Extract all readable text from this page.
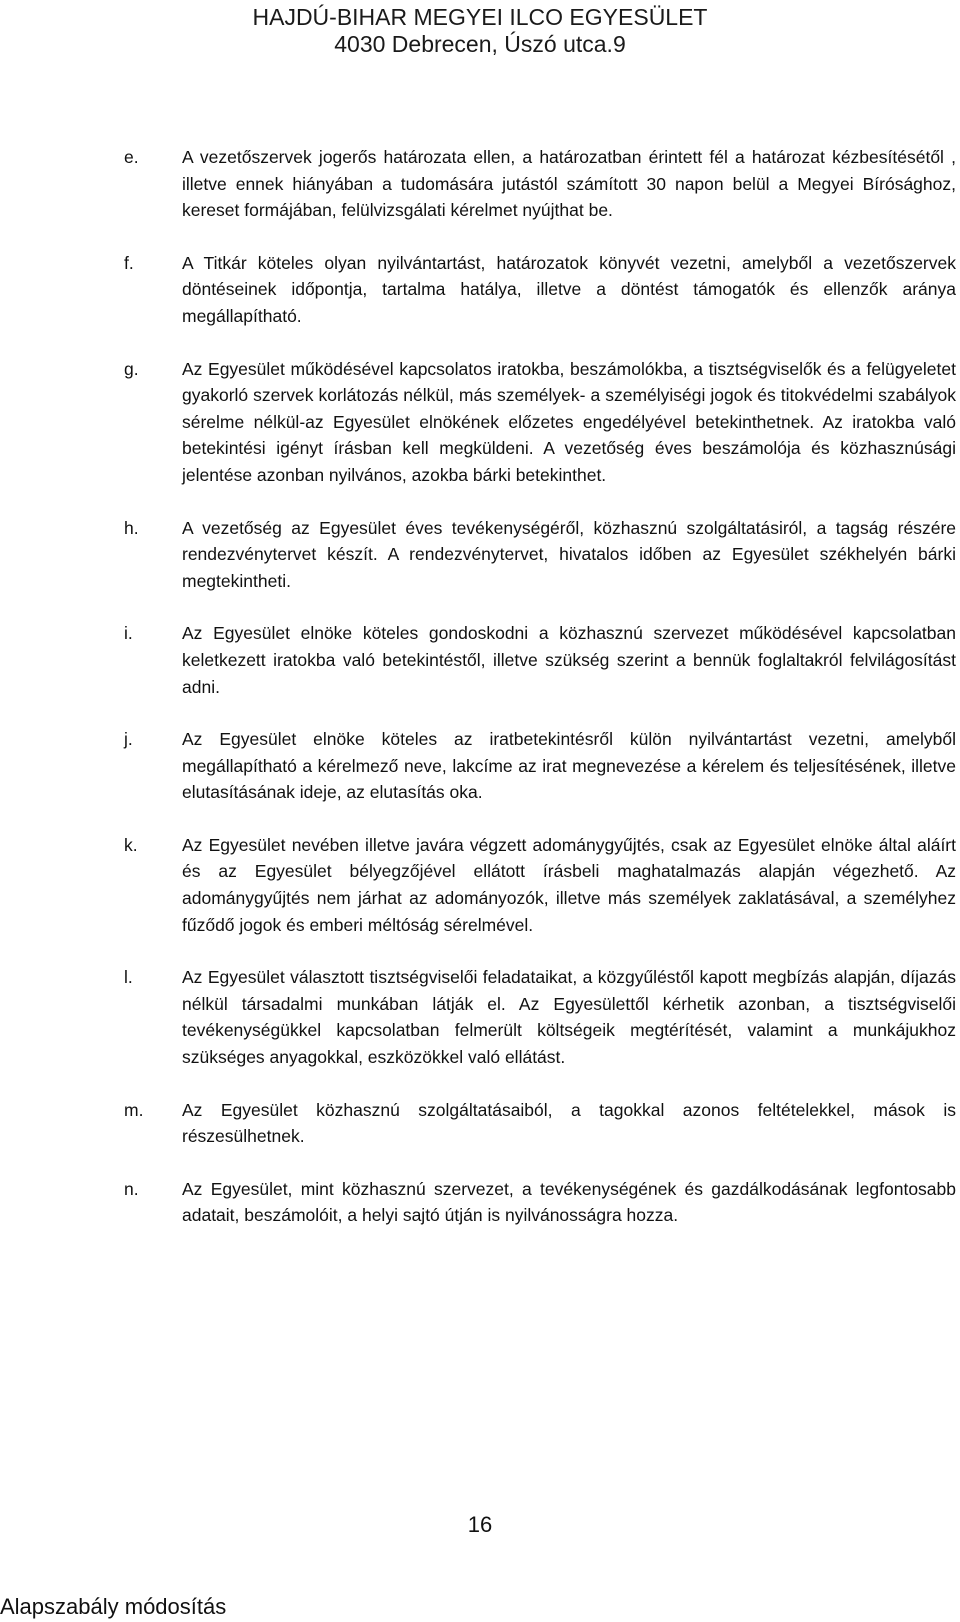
HAJDÚ-BIHAR MEGYEI ILCO EGYESÜLET
4030 Debrecen, Úszó utca.9
e.	A vezetőszervek jogerős határozata ellen, a határozatban érintett fél a határozat kézbesítésétől , illetve ennek hiányában a tudomására jutástól számított 30 napon belül a Megyei Bírósághoz, kereset formájában, felülvizsgálati kérelmet nyújthat be.
f.	A Titkár köteles olyan nyilvántartást, határozatok könyvét vezetni, amelyből a vezetőszervek döntéseinek időpontja, tartalma hatálya, illetve a döntést támogatók és ellenzők aránya megállapítható.
g.	Az Egyesület működésével kapcsolatos iratokba, beszámolókba, a tisztségviselők és a felügyeletet gyakorló szervek korlátozás nélkül, más személyek- a személyiségi jogok és titokvédelmi szabályok sérelme nélkül-az Egyesület elnökének előzetes engedélyével betekinthetnek. Az iratokba való betekintési igényt írásban kell megküldeni. A vezetőség éves beszámolója és közhasznúsági jelentése azonban nyilvános, azokba bárki betekinthet.
h.	A vezetőség az Egyesület éves tevékenységéről, közhasznú szolgáltatásiról, a tagság részére rendezvénytervet készít. A rendezvénytervet, hivatalos időben az Egyesület székhelyén bárki megtekintheti.
i.	Az Egyesület elnöke köteles gondoskodni a közhasznú szervezet működésével kapcsolatban keletkezett iratokba való betekintéstől, illetve szükség szerint a bennük foglaltakról felvilágosítást adni.
j.	Az Egyesület elnöke köteles az iratbetekintésről külön nyilvántartást vezetni, amelyből megállapítható a kérelmező neve, lakcíme az irat megnevezése a kérelem és teljesítésének, illetve elutasításának ideje, az elutasítás oka.
k.	Az Egyesület nevében illetve javára végzett adománygyűjtés, csak az Egyesület elnöke által aláírt és az Egyesület bélyegzőjével ellátott írásbeli maghatalmazás alapján végezhető. Az adománygyűjtés nem járhat az adományozók, illetve más személyek zaklatásával, a személyhez fűződő jogok és emberi méltóság sérelmével.
l.	Az Egyesület választott tisztségviselői feladataikat, a közgyűléstől kapott megbízás alapján, díjazás nélkül társadalmi munkában látják el. Az Egyesülettől kérhetik azonban, a tisztségviselői tevékenységükkel kapcsolatban felmerült költségeik megtérítését, valamint a munkájukhoz szükséges anyagokkal, eszközökkel való ellátást.
m.	Az Egyesület közhasznú szolgáltatásaiból, a tagokkal azonos feltételekkel, mások is részesülhetnek.
n.	Az Egyesület, mint közhasznú szervezet, a tevékenységének és gazdálkodásának legfontosabb adatait, beszámolóit, a helyi sajtó útján is nyilvánosságra hozza.
16
Alapszabály módosítás
